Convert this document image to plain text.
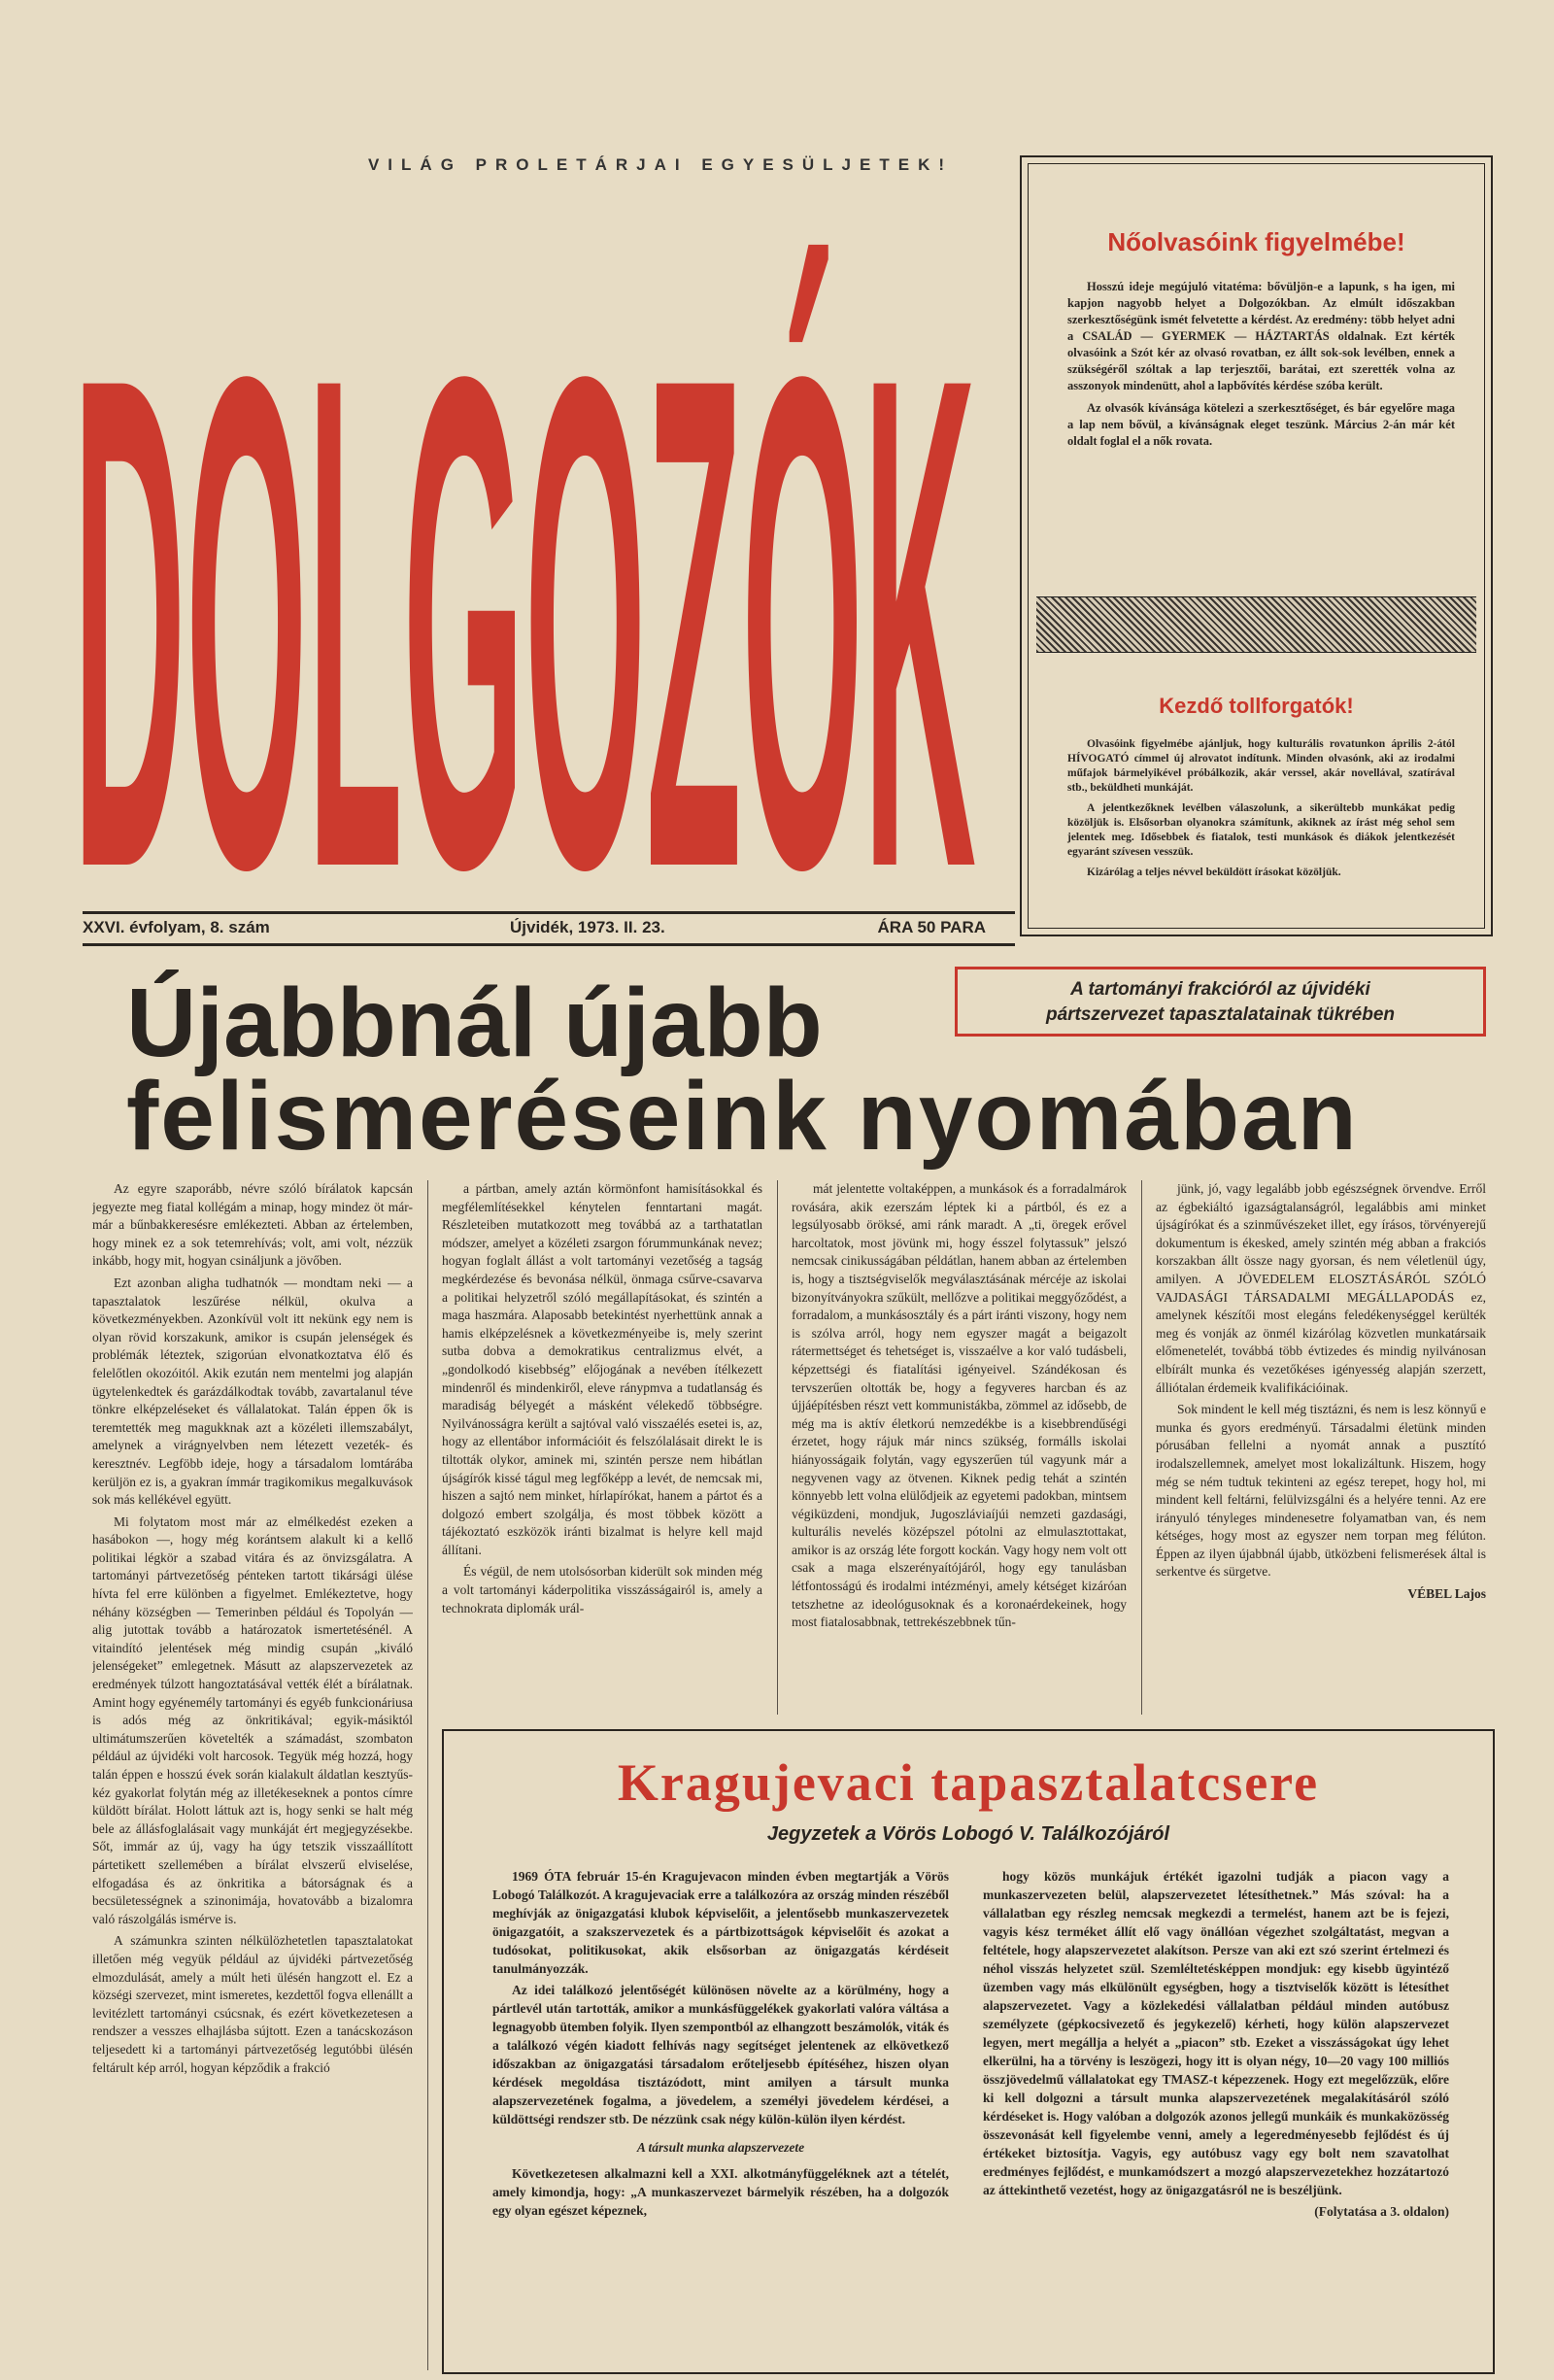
VILÁG PROLETÁRJAI EGYESÜLJETEK!
DOLGOZÓK
XXVI. évfolyam, 8. szám	Újvidék, 1973. II. 23.	ÁRA 50 PARA
Nőolvasóink figyelmébe!

Hosszú ideje megújuló vitatéma: bővüljön-e a lapunk, s ha igen, mi kapjon nagyobb helyet a Dolgozókban. Az elmúlt időszakban szerkesztőségünk ismét felvetette a kérdést. Az eredmény: több helyet adni a CSALÁD — GYERMEK — HÁZTARTÁS oldalnak. Ezt kérték olvasóink a Szót kér az olvasó rovatban, ez állt sok-sok levélben, ennek a szükségéről szóltak a lap terjesztői, barátai, ezt szerették volna az asszonyok mindenütt, ahol a lapbővítés kérdése szóba került.

Az olvasók kívánsága kötelezi a szerkesztőséget, és bár egyelőre maga a lap nem bővül, a kívánságnak eleget teszünk. Március 2-án már két oldalt foglal el a nők rovata.

Kezdő tollforgatók!

Olvasóink figyelmébe ajánljuk, hogy kulturális rovatunkon április 2-ától HÍVOGATÓ címmel új alrovatot indítunk. Minden olvasónk, aki az irodalmi műfajok bármelyikével próbálkozik, akár verssel, akár novellával, szatírával stb., beküldheti munkáját.

A jelentkezőknek levélben válaszolunk, a sikerültebb munkákat pedig közöljük is. Elsősorban olyanokra számítunk, akiknek az írást még sehol sem jelentek meg. Idősebbek és fiatalok, testi munkások és diákok jelentkezését egyaránt szívesen vesszük.

Kizárólag a teljes névvel beküldött írásokat közöljük.

Újabbnál újabb
felismeréseink nyomában
A tartományi frakcióról az újvidéki
pártszervezet tapasztalatainak tükrében

Az egyre szaporább, névre szóló bírálatok kapcsán jegyezte meg fiatal kollégám a minap, hogy mindez öt már-már a bűnbakkeresésre emlékezteti. Abban az értelemben, hogy minek ez a sok tetemrehívás; volt, ami volt, nézzük inkább, hogy mit, hogyan csináljunk a jövőben.

Ezt azonban aligha tudhatnók — mondtam neki — a tapasztalatok leszűrése nélkül, okulva a következményekben. Azonkívül volt itt nekünk egy nem is olyan rövid korszakunk, amikor is csupán jelenségek és problémák léteztek, szigorúan elvonatkoztatva élő és felelőtlen okozóitól. Akik ezután nem mentelmi jog alapján ügytelenkedtek és garázdálkodtak tovább, zavartalanul téve tönkre elképzeléseket és vállalatokat. Talán éppen ők is teremtették meg magukknak azt a közéleti illemszabályt, amelynek a virágnyelvben nem létezett vezeték- és keresztnév. Legföbb ideje, hogy a társadalom lomtárába kerüljön ez is, a gyakran ímmár tragikomikus megalkuvások sok más kellékével együtt.

Mi folytatom most már az elmélkedést ezeken a hasábokon —, hogy még korántsem alakult ki a kellő politikai légkör a szabad vitára és az önvizsgálatra. A tartományi pártvezetőség pénteken tartott tikársági ülése hívta fel erre különben a figyelmet. Emlékeztetve, hogy néhány községben — Temerinben például és Topolyán — alig jutottak tovább a határozatok ismertetésénél. A vitaindító jelentések még mindig csupán „kiváló jelenségeket” emlegetnek. Másutt az alapszervezetek az eredmények túlzott hangoztatásával vették élét a bírálatnak. Amint hogy egyénemély tartományi és egyéb funkcionáriusa is adós még az önkritikával; egyik-másiktól ultimátumszerűen követelték a számadást, szombaton például az újvidéki volt harcosok. Tegyük még hozzá, hogy talán éppen e hosszú évek során kialakult áldatlan kesztyűs-kéz gyakorlat folytán még az illetékeseknek a pontos címre küldött bírálat. Holott láttuk azt is, hogy senki se halt még bele az állásfoglalásait vagy munkáját ért megjegyzésekbe. Sőt, immár az új, vagy ha úgy tetszik visszaállított pártetikett szellemében a bírálat elvszerű elviselése, elfogadása és az önkritika a bátorságnak és a becsületességnek a szinonimája, hovatovább a bizalomra való rászolgálás ismérve is.

A számunkra szinten nélkülözhetetlen tapasztalatokat illetően még vegyük például az újvidéki pártvezetőség elmozdulását, amely a múlt heti ülésén hangzott el. Ez a községi szervezet, mint ismeretes, kezdettől fogva ellenállt a levitézlett tartományi csúcsnak, és ezért következetesen a rendszer a vesszes elhajlásba sújtott. Ezen a tanácskozáson teljesedett ki a tartományi pártvezetőség legutóbbi ülésén feltárult kép arról, hogyan képződik a frakció

a pártban, amely aztán körmönfont hamisításokkal és megfélemlítésekkel kénytelen fenntartani magát. Részleteiben mutatkozott meg továbbá az a tarthatatlan módszer, amelyet a közéleti zsargon fórummunkának nevez; hogyan foglalt állást a volt tartományi vezetőség a tagság megkérdezése és bevonása nélkül, önmaga csűrve-csavarva a politikai helyzetről szóló megállapításokat, és szintén a maga haszmára. Alaposabb betekintést nyerhettünk annak a hamis elképzelésnek a következményeibe is, mely szerint sutba dobva a demokratikus centralizmus elvét, a „gondolkodó kisebbség” előjogának a nevében ítélkezett mindenről és mindenkiről, eleve ránypmva a tudatlanság és maradiság bélyegét a másként vélekedő többségre. Nyilvánosságra került a sajtóval való visszaélés esetei is, az, hogy az ellentábor információit és felszólalásait direkt le is tiltották olykor, aminek mi, szintén persze nem hibátlan újságírók kissé tágul meg legfőképp a levét, de nemcsak mi, hiszen a sajtó nem minket, hírlapírókat, hanem a pártot és a dolgozó embert szolgálja, és most többek között a tájékoztató eszközök iránti bizalmat is helyre kell majd állítani.

És végül, de nem utolsósorban kiderült sok minden még a volt tartományi káderpolitika visszásságairól is, amely a technokrata diplomák urál-

mát jelentette voltaképpen, a munkások és a forradalmárok rovására, akik ezerszám léptek ki a pártból, és ez a legsúlyosabb öröksé, ami ránk maradt. A „ti, öregek erővel harcoltatok, most jövünk mi, hogy ésszel folytassuk” jelszó nemcsak cinikusságában példátlan, hanem abban az értelemben is, hogy a tisztségviselők megválasztásának mércéje az iskolai bizonyítványokra szűkült, mellőzve a politikai meggyőződést, a forradalom, a munkásosztály és a párt iránti viszony, hogy nem is szólva arról, hogy nem egyszer magát a beigazolt rátermettséget és tehetséget is, visszaélve a kor való tudásbeli, képzettségi és fiatalítási igényeivel. Szándékosan és tervszerűen oltották be, hogy a fegyveres harcban és az újjáépítésben részt vett kommunistákba, zömmel az idősebb, de még ma is aktív életkorú nemzedékbe is a kisebbrendűségi érzetet, hogy rájuk már nincs szükség, formálls iskolai hiányosságaik folytán, vagy egyszerűen túl vagyunk már a negyvenen vagy az ötvenen. Kiknek pedig tehát a szintén könnyebb lett volna elülődjeik az egyetemi padokban, mintsem végiküzdeni, mondjuk, Jugoszláviaíjúi nemzeti gazdasági, kulturális nevelés középszel pótolni az elmulasztottakat, amikor is az ország léte forgott kockán. Vagy hogy nem volt ott csak a maga elszerényaítójáról, hogy egy tanulásban létfontosságú és irodalmi intézményi, amely kétséget kizáróan tetszhetne az ideológusoknak és a koronaérdekeinek, hogy most fiatalosabbnak, tettrekészebbnek tűn-

jünk, jó, vagy legalább jobb egészségnek örvendve. Erről az égbekiáltó igazságtalanságról, legalábbis ami minket újságírókat és a szinművészeket illet, egy írásos, törvényerejű dokumentum is ékesked, amely szintén még abban a frakciós korszakban állt össze nagy gyorsan, és nem véletlenül úgy, amilyen. A JÖVEDELEM ELOSZTÁSÁRÓL SZÓLÓ VAJDASÁGI TÁRSADALMI MEGÁLLAPODÁS ez, amelynek készítői most elegáns feledékenységgel kerülték meg és vonják az önmél kizárólag közvetlen munkatársaik előmenetelét, továbbá több évtizedes és mindig nyilvánosan elbírált munka és vezetőkéses igényesség alapján szerzett, álliótalan érdemeik kvalifikációinak.

Sok mindent le kell még tisztázni, és nem is lesz könnyű e munka és gyors eredményű. Társadalmi életünk minden pórusában fellelni a nyomát annak a pusztító irodalszellemnek, amelyet most lokalizáltunk. Hiszem, hogy még se ném tudtuk tekinteni az egész terepet, hogy hol, mi mindent kell feltárni, felülvizsgálni és a helyére tenni. Az ere irányuló tényleges mindenesetre folyamatban van, és nem kétséges, hogy most az egyszer nem torpan meg félúton. Éppen az ilyen újabbnál újabb, ütközbeni felismerések által is serkentve és sürgetve.

VÉBEL Lajos

Kragujevaci tapasztalatcsere
Jegyzetek a Vörös Lobogó V. Találkozójáról

1969 ÓTA február 15-én Kragujevacon minden évben megtartják a Vörös Lobogó Találkozót. A kragujevaciak erre a találkozóra az ország minden részéből meghívják az önigazgatási klubok képviselőit, a jelentősebb munkaszervezetek önigazgatóit, a szakszervezetek és a pártbizottságok képviselőit és azokat a tudósokat, politikusokat, akik elsősorban az önigazgatás kérdéseit tanulmányozzák.

Az idei találkozó jelentőségét különösen növelte az a körülmény, hogy a pártlevél után tartották, amikor a munkásfüggelékek gyakorlati valóra váltása a legnagyobb ütemben folyik. Ilyen szempontból az elhangzott beszámolók, viták és a találkozó végén kiadott felhívás nagy segítséget jelentenek az elkövetkező időszakban az önigazgatási társadalom erőteljesebb építéséhez, hiszen olyan kérdések megoldása tisztázódott, mint amilyen a társult munka alapszervezetének fogalma, a jövedelem, a személyi jövedelem kérdései, a küldöttségi rendszer stb. De nézzünk csak négy külön-külön ilyen kérdést.

A társult munka alapszervezete

Következetesen alkalmazni kell a XXI. alkotmányfüggeléknek azt a tételét, amely kimondja, hogy: „A munkaszervezet bármelyik részében, ha a dolgozók egy olyan egészet képeznek,

hogy közös munkájuk értékét igazolni tudják a piacon vagy a munkaszervezeten belül, alapszervezetet létesíthetnek.” Más szóval: ha a vállalatban egy részleg nemcsak megkezdi a termelést, hanem azt be is fejezi, vagyis kész terméket állít elő vagy önállóan végezhet szolgáltatást, megvan a feltétele, hogy alapszervezetet alakítson. Persze van aki ezt szó szerint értelmezi és néhol visszás helyzetet szül. Szemléltetésképpen mondjuk: egy kisebb ügyintéző üzemben vagy más elkülönült egységben, hogy a tisztviselők között is létesíthet alapszervezetet. Vagy a közlekedési vállalatban például minden autóbusz személyzete (gépkocsivezető és jegykezelő) kérheti, hogy külön alapszervezet legyen, mert megállja a helyét a „piacon” stb. Ezeket a visszásságokat úgy lehet elkerülni, ha a törvény is leszögezi, hogy itt is olyan négy, 10—20 vagy 100 milliós összjövedelmű vállalatokat egy TMASZ-t képezzenek. Hogy ezt megelőzzük, előre ki kell dolgozni a társult munka alapszervezetének megalakításáról szóló kérdéseket is. Hogy valóban a dolgozók azonos jellegű munkáik és munkaközösség összevonását kell figyelembe venni, amely a legeredményesebb fejlődést és új értékeket biztosítja. Vagyis, egy autóbusz vagy egy bolt nem szavatolhat eredményes fejlődést, e munkamódszert a mozgó alapszervezetekhez hozzátartozó az áttekinthető vezetést, hogy az önigazgatásról ne is beszéljünk.

(Folytatása a 3. oldalon)
